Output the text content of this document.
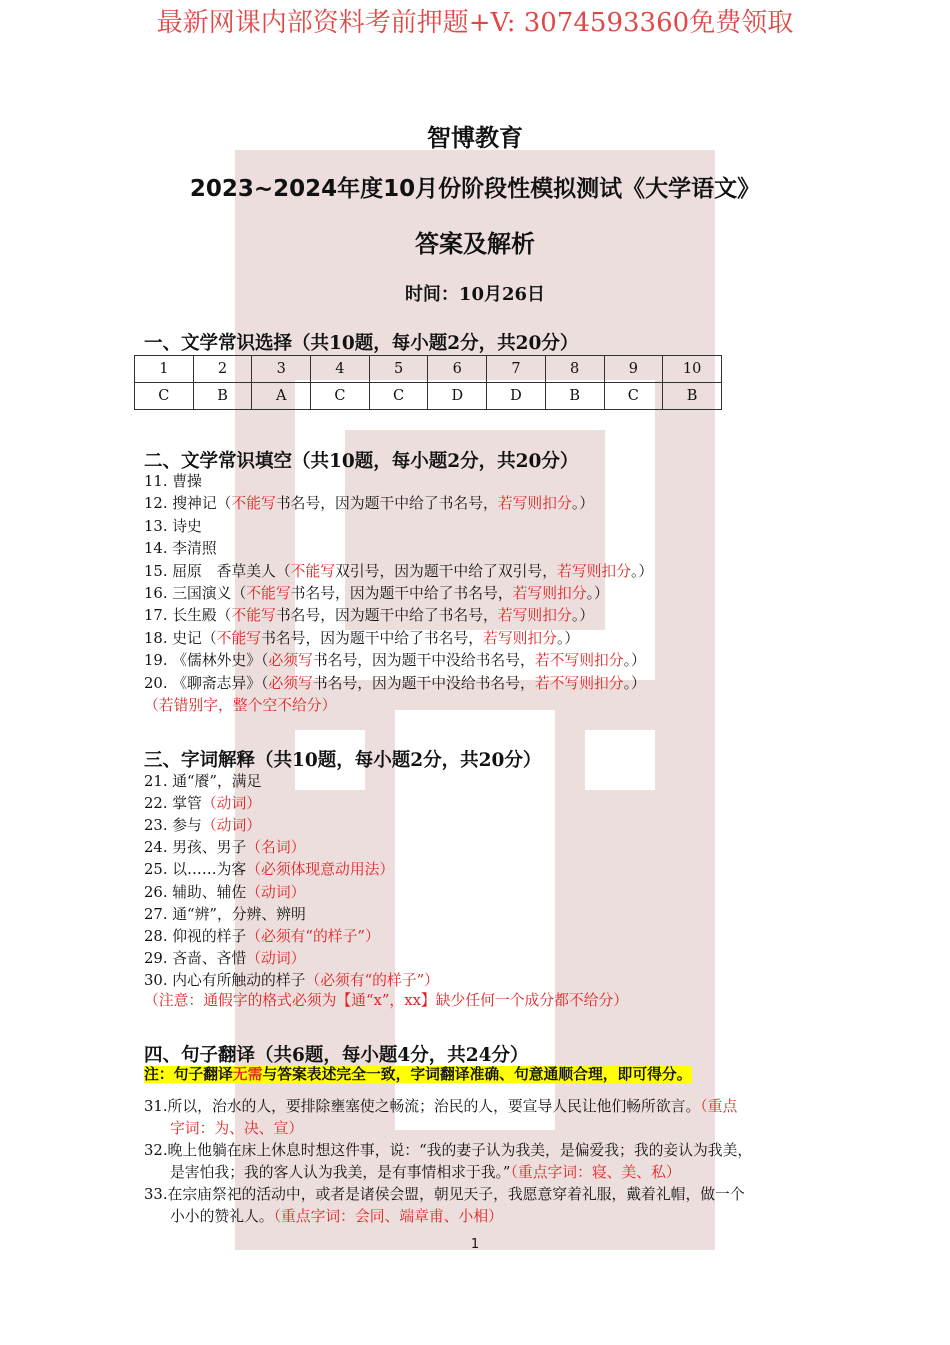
最新网课内部资料考前押题+V: 3074593360免费领取
智博教育
2023~2024年度10月份阶段性模拟测试《大学语文》
答案及解析
时间：10月26日
一、文学常识选择（共10题，每小题2分，共20分）
1	2	3	4	5	6	7	8	9	10
C	B	A	C	C	D	D	B	C	B
二、文学常识填空（共10题，每小题2分，共20分）
11. 曹操
12. 搜神记（不能写书名号，因为题干中给了书名号，若写则扣分。）
13. 诗史
14. 李清照
15. 屈原　香草美人（不能写双引号，因为题干中给了双引号，若写则扣分。）
16. 三国演义（不能写书名号，因为题干中给了书名号，若写则扣分。）
17. 长生殿（不能写书名号，因为题干中给了书名号，若写则扣分。）
18. 史记（不能写书名号，因为题干中给了书名号，若写则扣分。）
19. 《儒林外史》（必须写书名号，因为题干中没给书名号，若不写则扣分。）
20. 《聊斋志异》（必须写书名号，因为题干中没给书名号，若不写则扣分。）
（若错别字，整个空不给分）
三、字词解释（共10题，每小题2分，共20分）
21. 通“餍”，满足
22. 掌管（动词）
23. 参与（动词）
24. 男孩、男子（名词）
25. 以……为客（必须体现意动用法）
26. 辅助、辅佐（动词）
27. 通“辨”，分辨、辨明
28. 仰视的样子（必须有“的样子”）
29. 吝啬、吝惜（动词）
30. 内心有所触动的样子（必须有“的样子”）
（注意：通假字的格式必须为【通“x”，xx】缺少任何一个成分都不给分）
四、句子翻译（共6题，每小题4分，共24分）
注：句子翻译无需与答案表述完全一致，字词翻译准确、句意通顺合理，即可得分。
31.所以，治水的人，要排除壅塞使之畅流；治民的人，要宣导人民让他们畅所欲言。（重点
字词：为、决、宣）
32.晚上他躺在床上休息时想这件事，说：“我的妻子认为我美，是偏爱我；我的妾认为我美，
是害怕我；我的客人认为我美，是有事情相求于我。”（重点字词：寝、美、私）
33.在宗庙祭祀的活动中，或者是诸侯会盟，朝见天子，我愿意穿着礼服，戴着礼帽，做一个
小小的赞礼人。（重点字词：会同、端章甫、小相）
1
